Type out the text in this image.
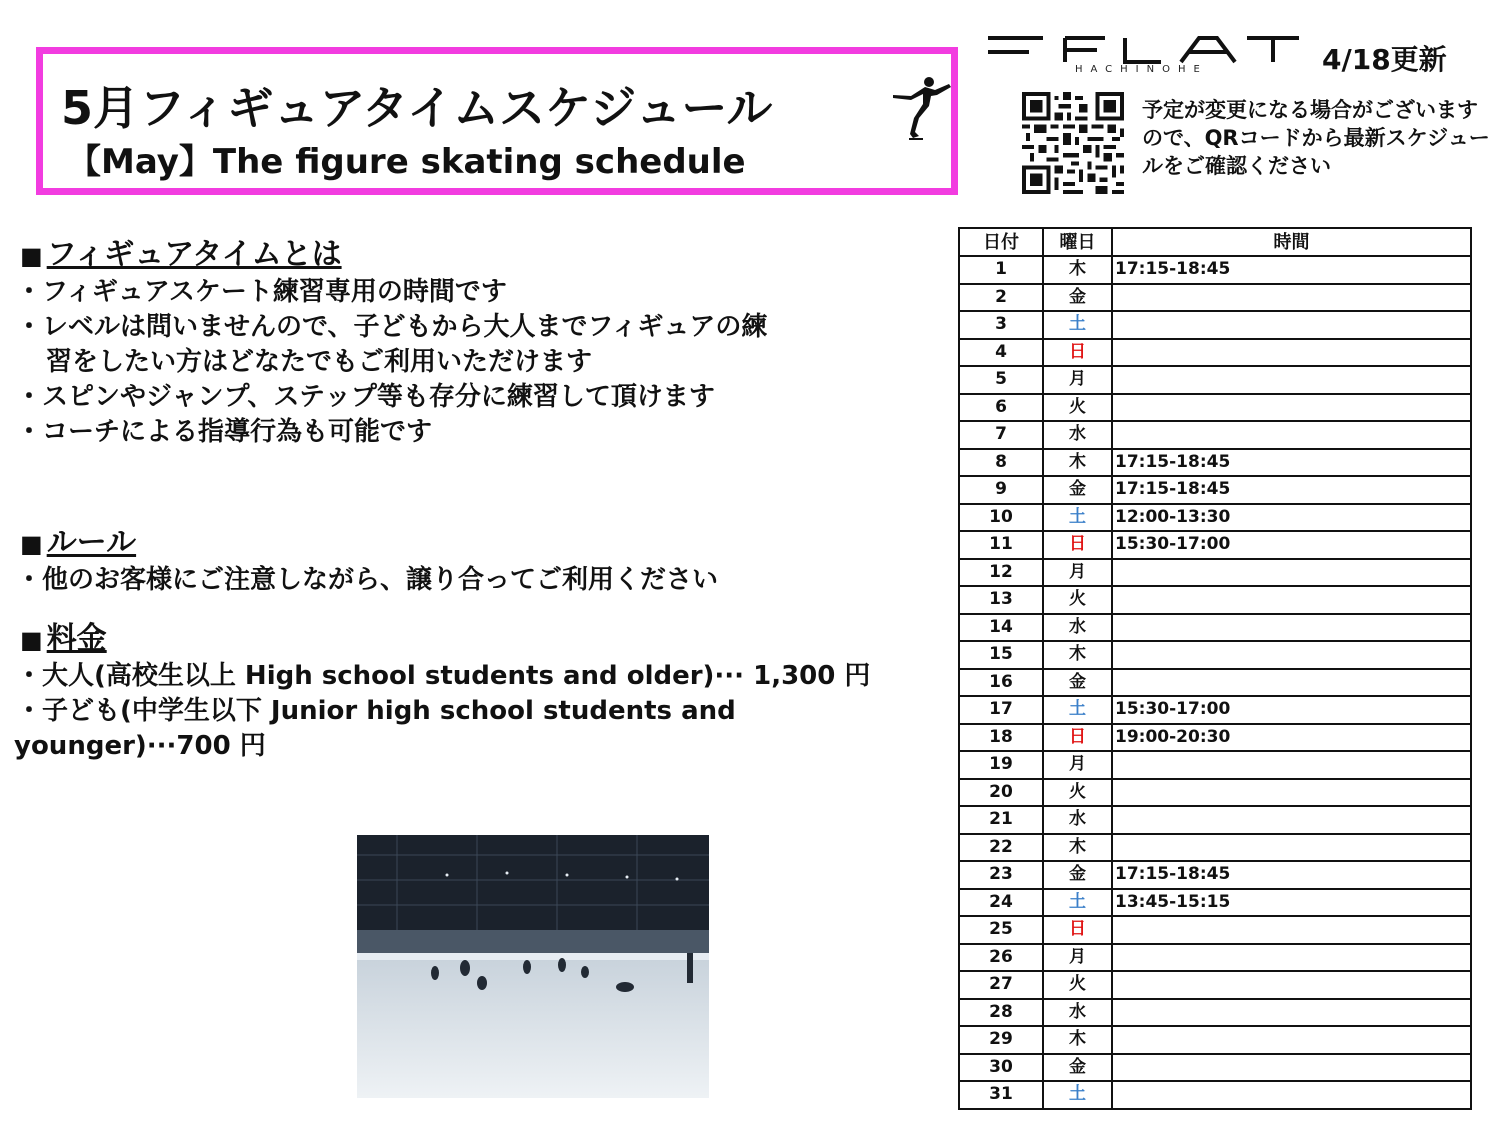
5月フィギュアタイムスケジュール
【May】The figure skating schedule
HACHINOHE	4/18更新
予定が変更になる場合がございますので、QRコードから最新スケジュールをご確認ください
■ フィギュアタイムとは
・フィギュアスケート練習専用の時間です
・レベルは問いませんので、子どもから大人までフィギュアの練
習をしたい方はどなたでもご利用いただけます
・スピンやジャンプ、ステップ等も存分に練習して頂けます
・コーチによる指導行為も可能です
■ ルール
・他のお客様にご注意しながら、譲り合ってご利用ください
■ 料金
・大人(高校生以上 High school students and older)··· 1,300 円
・子ども(中学生以下 Junior high school students and
younger)···700 円
日付	曜日	時間
1	木	17:15-18:45
2	金	
3	土	
4	日	
5	月	
6	火	
7	水	
8	木	17:15-18:45
9	金	17:15-18:45
10	土	12:00-13:30
11	日	15:30-17:00
12	月	
13	火	
14	水	
15	木	
16	金	
17	土	15:30-17:00
18	日	19:00-20:30
19	月	
20	火	
21	水	
22	木	
23	金	17:15-18:45
24	土	13:45-15:15
25	日	
26	月	
27	火	
28	水	
29	木	
30	金	
31	土	
